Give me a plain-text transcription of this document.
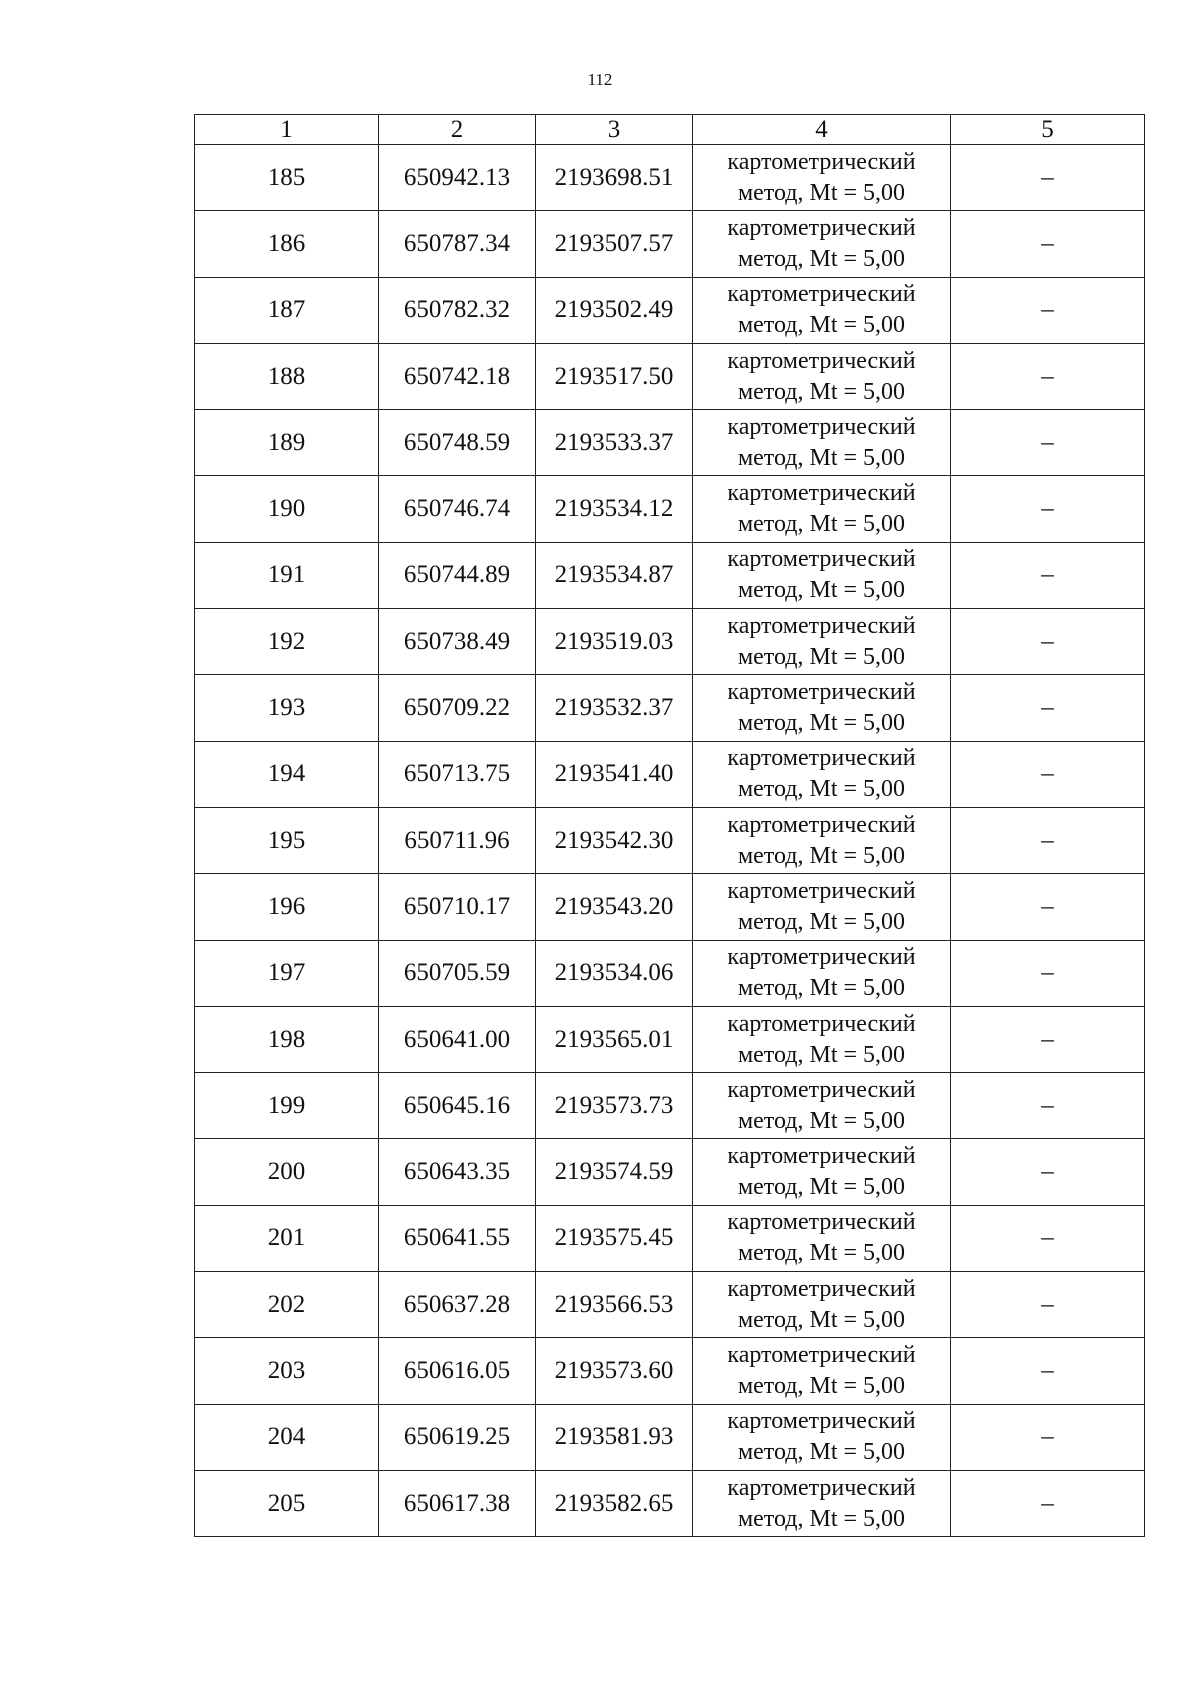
112
1	2	3	4	5
185	650942.13	2193698.51	картометрический
метод, Mt = 5,00	–
186	650787.34	2193507.57	картометрический
метод, Mt = 5,00	–
187	650782.32	2193502.49	картометрический
метод, Mt = 5,00	–
188	650742.18	2193517.50	картометрический
метод, Mt = 5,00	–
189	650748.59	2193533.37	картометрический
метод, Mt = 5,00	–
190	650746.74	2193534.12	картометрический
метод, Mt = 5,00	–
191	650744.89	2193534.87	картометрический
метод, Mt = 5,00	–
192	650738.49	2193519.03	картометрический
метод, Mt = 5,00	–
193	650709.22	2193532.37	картометрический
метод, Mt = 5,00	–
194	650713.75	2193541.40	картометрический
метод, Mt = 5,00	–
195	650711.96	2193542.30	картометрический
метод, Mt = 5,00	–
196	650710.17	2193543.20	картометрический
метод, Mt = 5,00	–
197	650705.59	2193534.06	картометрический
метод, Mt = 5,00	–
198	650641.00	2193565.01	картометрический
метод, Mt = 5,00	–
199	650645.16	2193573.73	картометрический
метод, Mt = 5,00	–
200	650643.35	2193574.59	картометрический
метод, Mt = 5,00	–
201	650641.55	2193575.45	картометрический
метод, Mt = 5,00	–
202	650637.28	2193566.53	картометрический
метод, Mt = 5,00	–
203	650616.05	2193573.60	картометрический
метод, Mt = 5,00	–
204	650619.25	2193581.93	картометрический
метод, Mt = 5,00	–
205	650617.38	2193582.65	картометрический
метод, Mt = 5,00	–
